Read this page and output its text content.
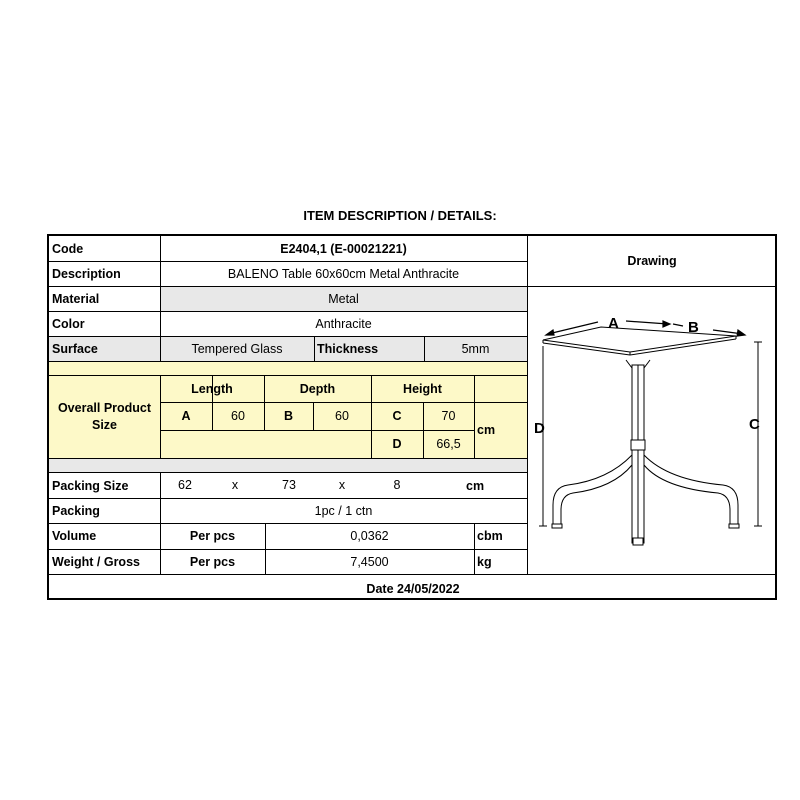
ITEM DESCRIPTION / DETAILS:
Code	E2404,1 (E-00021221)
Description	BALENO Table 60x60cm Metal Anthracite
Material	Metal
Color	Anthracite
Surface	Tempered Glass	Thickness	5mm
Overall Product
Size
Length	Depth	Height
A	60	B	60	C	70
D	66,5
cm
Packing Size	62	x	73	x	8	cm
Packing	1pc / 1 ctn
Volume	Per pcs	0,0362	cbm
Weight / Gross	Per pcs	7,4500	kg
Date 24/05/2022
Drawing
A	B
D	C
